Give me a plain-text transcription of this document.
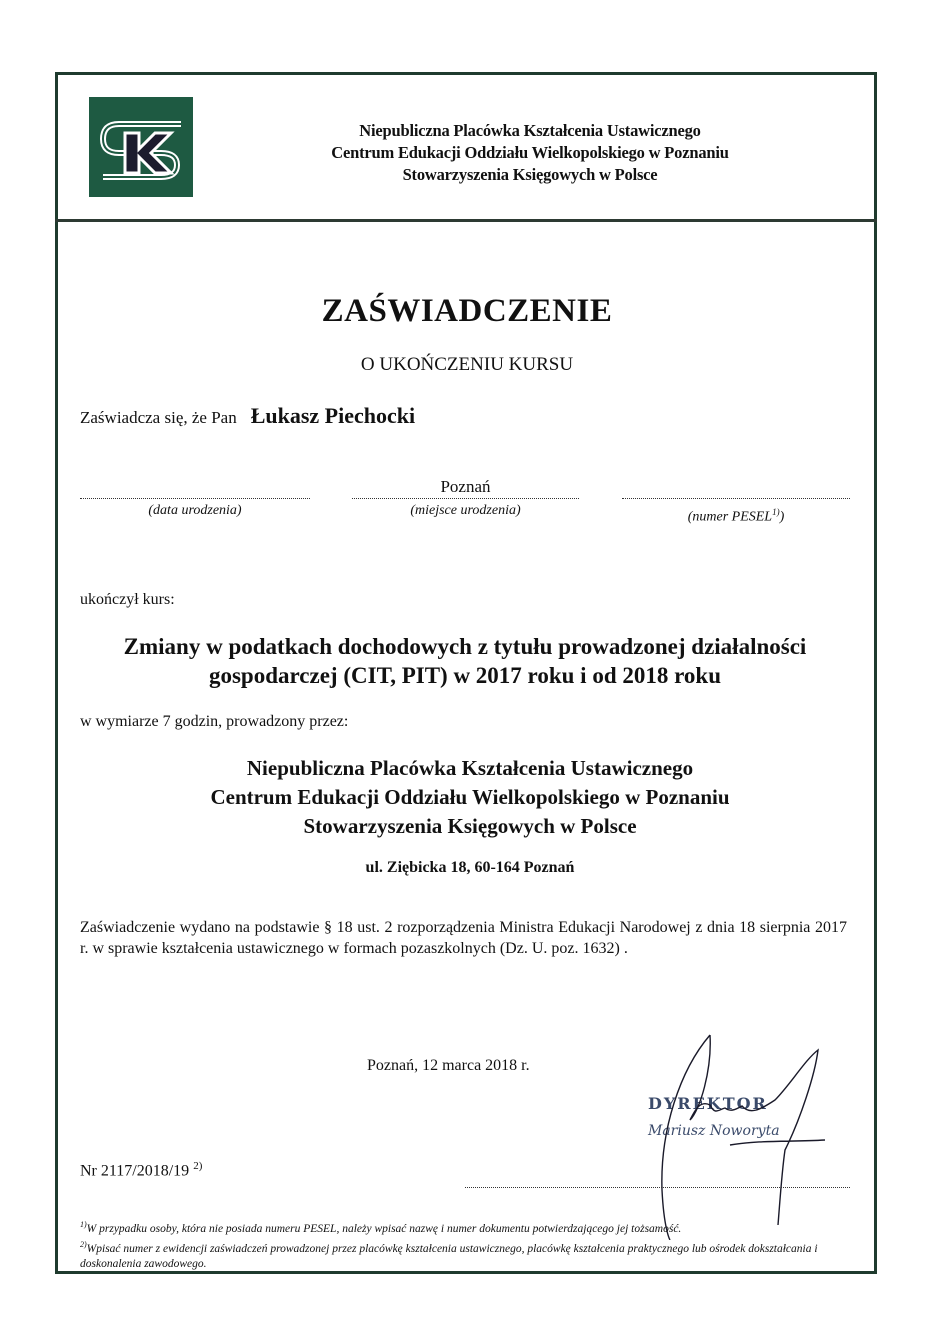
Niepubliczna Placówka Kształcenia Ustawicznego
Centrum Edukacji Oddziału Wielkopolskiego w Poznaniu
Stowarzyszenia Księgowych w Polsce
ZAŚWIADCZENIE
O UKOŃCZENIU KURSU
Zaświadcza się, że Pan Łukasz Piechocki
(data urodzenia)
Poznań
(miejsce urodzenia)	(numer PESEL$^{1)}$)
ukończył kurs:
Zmiany w podatkach dochodowych z tytułu prowadzonej działalności
gospodarczej (CIT, PIT) w 2017 roku i od 2018 roku
w wymiarze 7 godzin, prowadzony przez:
Niepubliczna Placówka Kształcenia Ustawicznego
Centrum Edukacji Oddziału Wielkopolskiego w Poznaniu
Stowarzyszenia Księgowych w Polsce
ul. Ziębicka 18, 60-164 Poznań
Zaświadczenie wydano na podstawie § 18 ust. 2 rozporządzenia Ministra Edukacji Narodowej z dnia 18 sierpnia 2017 r. w sprawie kształcenia ustawicznego w formach pozaszkolnych (Dz. U. poz. 1632) .
Poznań, 12 marca 2018 r.
DYREKTOR
Mariusz Noworyta
Nr 2117/2018/19 $^{2)}$
$^{1)}$W przypadku osoby, która nie posiada numeru PESEL, należy wpisać nazwę i numer dokumentu potwierdzającego jej tożsamość.
$^{2)}$Wpisać numer z ewidencji zaświadczeń prowadzonej przez placówkę kształcenia ustawicznego, placówkę kształcenia praktycznego lub ośrodek dokształcania i doskonalenia zawodowego.
